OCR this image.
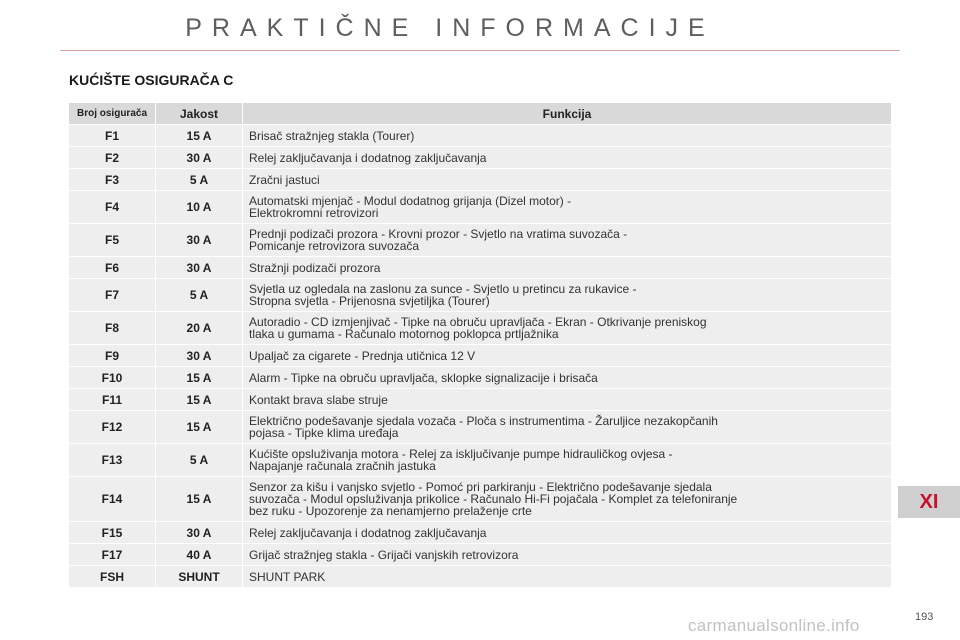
PRAKTIČNE INFORMACIJE
KUĆIŠTE OSIGURAČA C
Broj osigurača	Jakost	Funkcija
F1	15 A	Brisač stražnjeg stakla (Tourer)
F2	30 A	Relej zaključavanja i dodatnog zaključavanja
F3	5 A	Zračni jastuci
F4	10 A	Automatski mjenjač - Modul dodatnog grijanja (Dizel motor) -
Elektrokromni retrovizori
F5	30 A	Prednji podizači prozora - Krovni prozor - Svjetlo na vratima suvozača -
Pomicanje retrovizora suvozača
F6	30 A	Stražnji podizači prozora
F7	5 A	Svjetla uz ogledala na zaslonu za sunce - Svjetlo u pretincu za rukavice -
Stropna svjetla - Prijenosna svjetiljka (Tourer)
F8	20 A	Autoradio - CD izmjenjivač - Tipke na obruču upravljača - Ekran - Otkrivanje preniskog
tlaka u gumama - Računalo motornog poklopca prtljažnika
F9	30 A	Upaljač za cigarete - Prednja utičnica 12 V
F10	15 A	Alarm - Tipke na obruču upravljača, sklopke signalizacije i brisača
F11	15 A	Kontakt brava slabe struje
F12	15 A	Električno podešavanje sjedala vozača - Ploča s instrumentima - Žaruljice nezakopčanih
pojasa - Tipke klima uređaja
F13	5 A	Kućište opsluživanja motora - Relej za isključivanje pumpe hidrauličkog ovjesa -
Napajanje računala zračnih jastuka
F14	15 A	Senzor za kišu i vanjsko svjetlo - Pomoć pri parkiranju - Električno podešavanje sjedala
suvozača - Modul opsluživanja prikolice - Računalo Hi-Fi pojačala - Komplet za telefoniranje
bez ruku - Upozorenje za nenamjerno prelaženje crte
F15	30 A	Relej zaključavanja i dodatnog zaključavanja
F17	40 A	Grijač stražnjeg stakla - Grijači vanjskih retrovizora
FSH	SHUNT	SHUNT PARK
XI
193
carmanualsonline.info
